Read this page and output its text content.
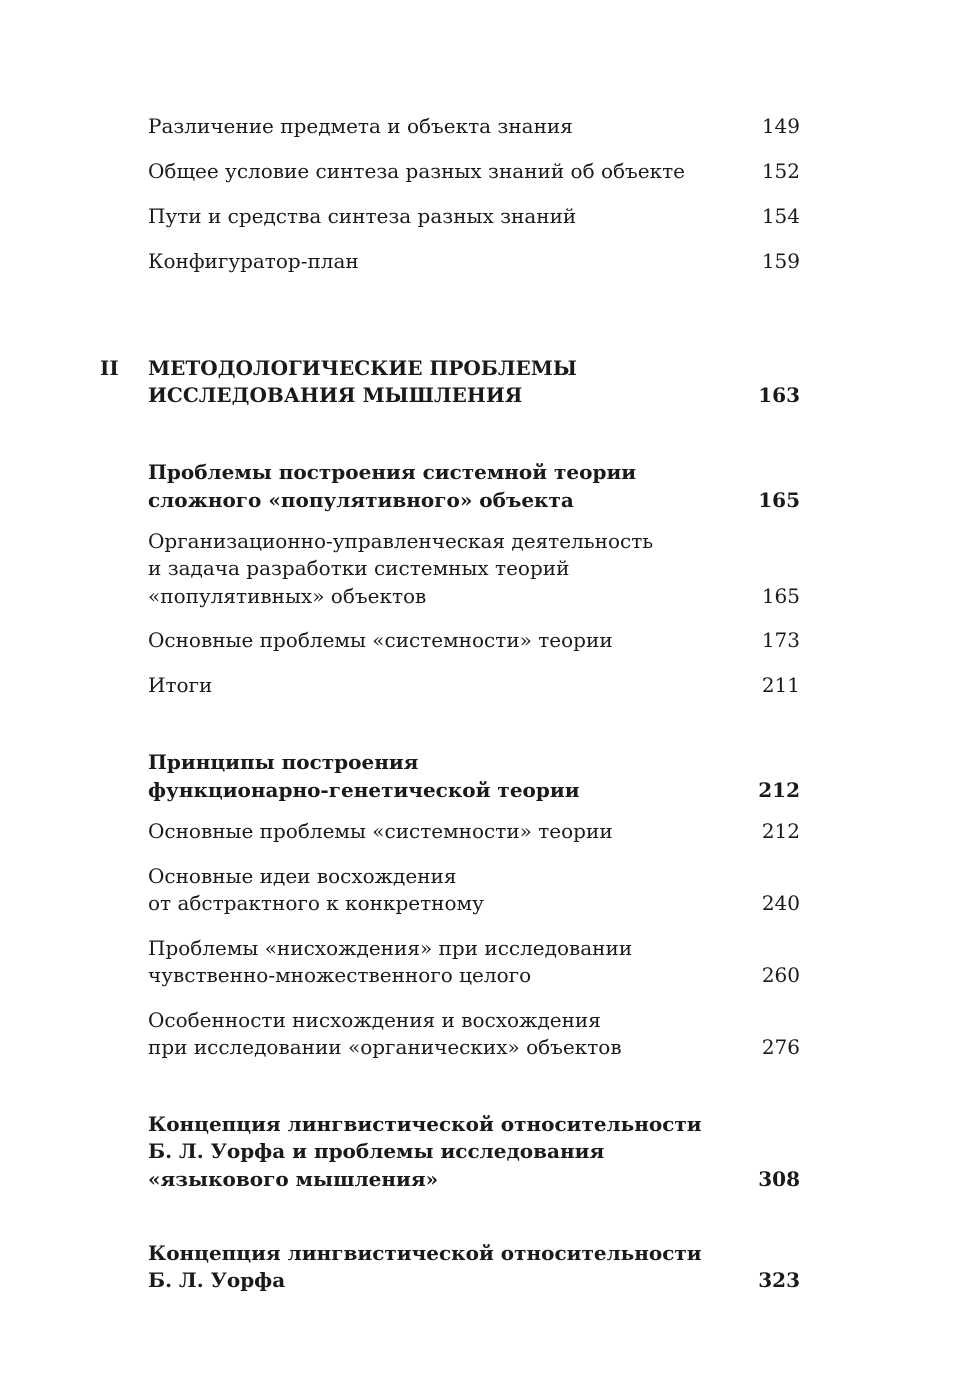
Различение предмета и объекта знания	149
Общее условие синтеза разных знаний об объекте	152
Пути и средства синтеза разных знаний	154
Конфигуратор-план	159
II МЕТОДОЛОГИЧЕСКИЕ ПРОБЛЕМЫ
ИССЛЕДОВАНИЯ МЫШЛЕНИЯ	163
Проблемы построения системной теории
сложного «популятивного» объекта	165
Организационно-управленческая деятельность
и задача разработки системных теорий
«популятивных» объектов	165
Основные проблемы «системности» теории	173
Итоги	211
Принципы построения
функционарно-генетической теории	212
Основные проблемы «системности» теории	212
Основные идеи восхождения
от абстрактного к конкретному	240
Проблемы «нисхождения» при исследовании
чувственно-множественного целого	260
Особенности нисхождения и восхождения
при исследовании «органических» объектов	276
Концепция лингвистической относительности
Б. Л. Уорфа и проблемы исследования
«языкового мышления»	308
Концепция лингвистической относительности
Б. Л. Уорфа	323
